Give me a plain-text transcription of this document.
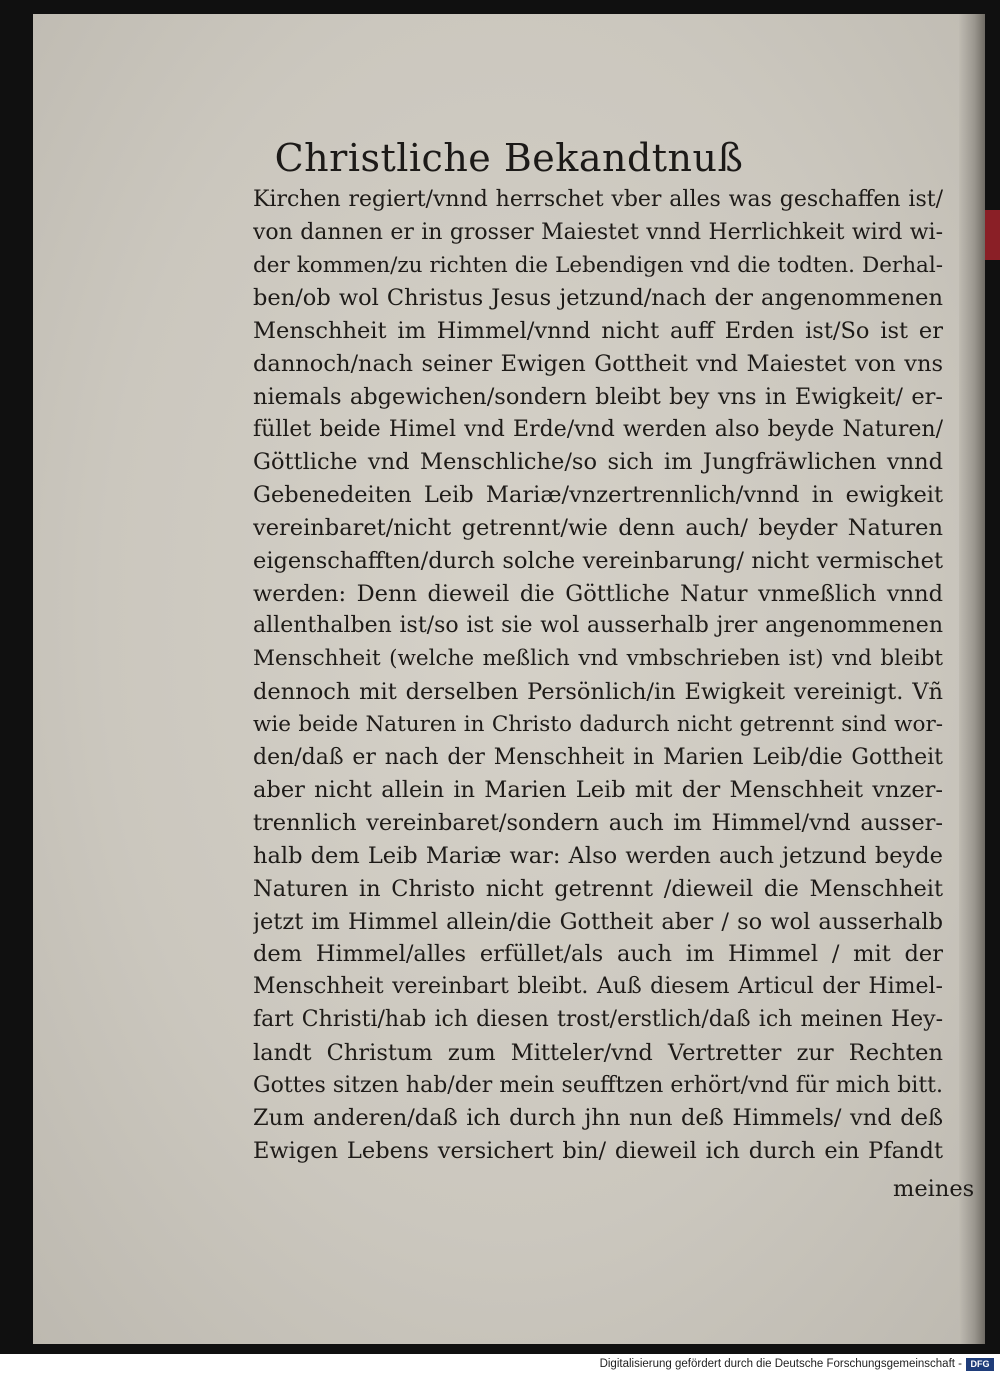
Christliche Bekandtnuß
meines
Kirchen regiert/vnnd herrschet vber alles was geschaffen ist/
von dannen er in grosser Maiestet vnnd Herrlichkeit wird wi-
der kommen/zu richten die Lebendigen vnd die todten. Derhal-
ben/ob wol Christus Jesus jetzund/nach der angenommenen
Menschheit im Himmel/vnnd nicht auff Erden ist/So ist er
dannoch/nach seiner Ewigen Gottheit vnd Maiestet von vns
niemals abgewichen/sondern bleibt bey vns in Ewigkeit/ er-
füllet beide Himel vnd Erde/vnd werden also beyde Naturen/
Göttliche vnd Menschliche/so sich im Jungfräwlichen vnnd
Gebenedeiten Leib Mariæ/vnzertrennlich/vnnd in ewigkeit
vereinbaret/nicht getrennt/wie denn auch/ beyder Naturen
eigenschafften/durch solche vereinbarung/ nicht vermischet
werden: Denn dieweil die Göttliche Natur vnmeßlich vnnd
allenthalben ist/so ist sie wol ausserhalb jrer angenommenen
Menschheit (welche meßlich vnd vmbschrieben ist) vnd bleibt
dennoch mit derselben Persönlich/in Ewigkeit vereinigt. Vñ
wie beide Naturen in Christo dadurch nicht getrennt sind wor-
den/daß er nach der Menschheit in Marien Leib/die Gottheit
aber nicht allein in Marien Leib mit der Menschheit vnzer-
trennlich vereinbaret/sondern auch im Himmel/vnd ausser-
halb dem Leib Mariæ war: Also werden auch jetzund beyde
Naturen in Christo nicht getrennt /dieweil die Menschheit
jetzt im Himmel allein/die Gottheit aber / so wol ausserhalb
dem Himmel/alles erfüllet/als auch im Himmel / mit der
Menschheit vereinbart bleibt. Auß diesem Articul der Himel-
fart Christi/hab ich diesen trost/erstlich/daß ich meinen Hey-
landt Christum zum Mitteler/vnd Vertretter zur Rechten
Gottes sitzen hab/der mein seufftzen erhört/vnd für mich bitt.
Zum anderen/daß ich durch jhn nun deß Himmels/ vnd deß
Ewigen Lebens versichert bin/ dieweil ich durch ein Pfandt
Digitalisierung gefördert durch die Deutsche Forschungsgemeinschaft - DFG
